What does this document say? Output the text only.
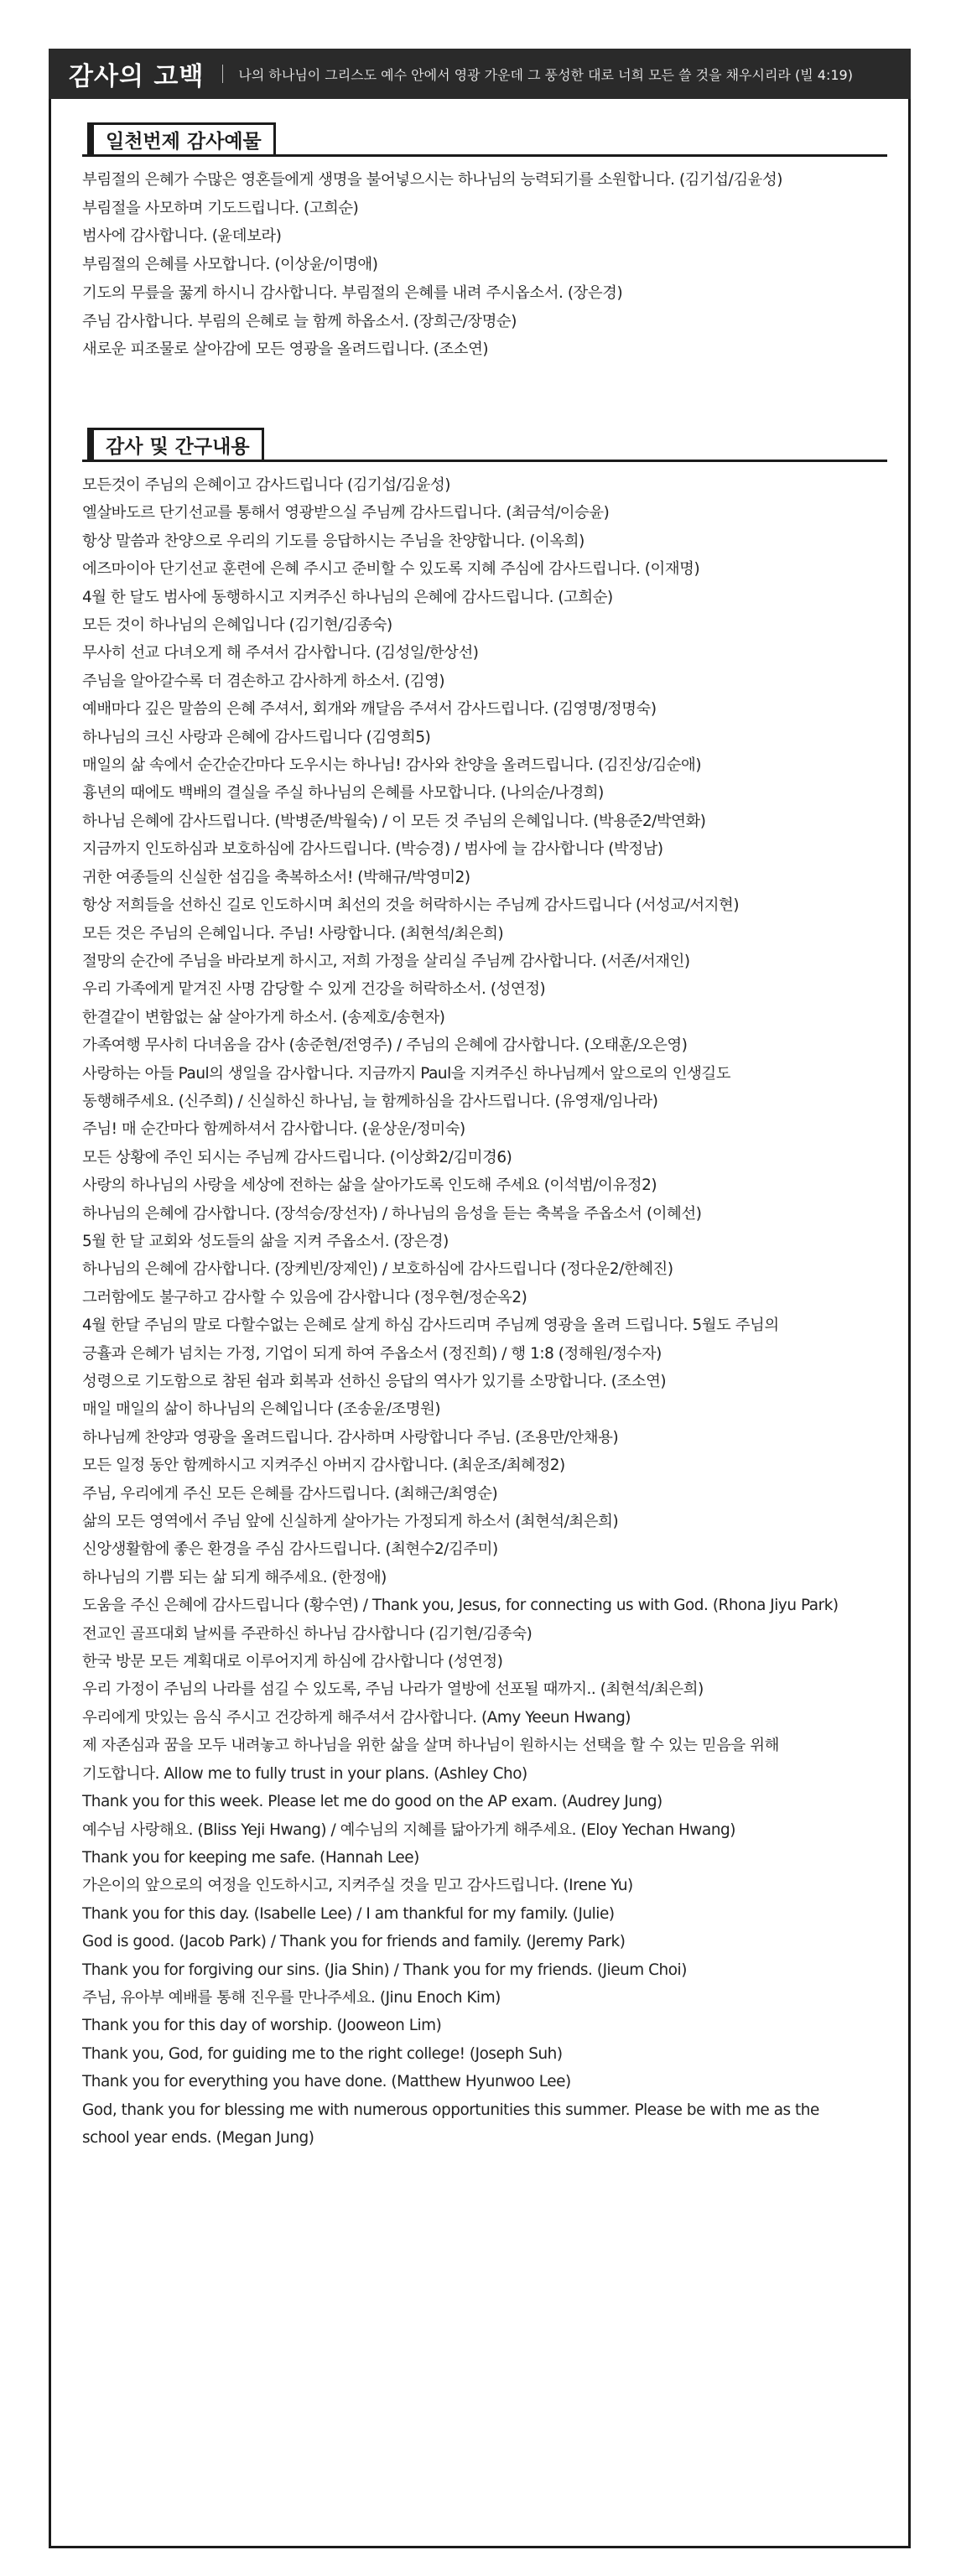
감사의 고백	나의 하나님이 그리스도 예수 안에서 영광 가운데 그 풍성한 대로 너희 모든 쓸 것을 채우시리라 (빌 4:19)
일천번제 감사예물
부림절의 은혜가 수많은 영혼들에게 생명을 불어넣으시는 하나님의 능력되기를 소원합니다. (김기섭/김윤성)
부림절을 사모하며 기도드립니다. (고희순)
범사에 감사합니다. (윤데보라)
부림절의 은혜를 사모합니다. (이상윤/이명애)
기도의 무릎을 꿇게 하시니 감사합니다. 부림절의 은혜를 내려 주시옵소서. (장은경)
주님 감사합니다. 부림의 은혜로 늘 함께 하옵소서. (장희근/장명순)
새로운 피조물로 살아감에 모든 영광을 올려드립니다. (조소연)
감사 및 간구내용
모든것이 주님의 은혜이고 감사드립니다 (김기섭/김윤성)
엘살바도르 단기선교를 통해서 영광받으실 주님께 감사드립니다. (최금석/이승윤)
항상 말씀과 찬양으로 우리의 기도를 응답하시는 주님을 찬양합니다. (이옥희)
에즈마이아 단기선교 훈련에 은혜 주시고 준비할 수 있도록 지혜 주심에 감사드립니다. (이재명)
4월 한 달도 범사에 동행하시고 지켜주신 하나님의 은혜에 감사드립니다. (고희순)
모든 것이 하나님의 은혜입니다 (김기현/김종숙)
무사히 선교 다녀오게 해 주셔서 감사합니다. (김성일/한상선)
주님을 알아갈수록 더 겸손하고 감사하게 하소서. (김영)
예배마다 깊은 말씀의 은혜 주셔서, 회개와 깨달음 주셔서 감사드립니다. (김영명/정명숙)
하나님의 크신 사랑과 은혜에 감사드립니다 (김영희5)
매일의 삶 속에서 순간순간마다 도우시는 하나님! 감사와 찬양을 올려드립니다. (김진상/김순애)
흉년의 때에도 백배의 결실을 주실 하나님의 은혜를 사모합니다. (나의순/나경희)
하나님 은혜에 감사드립니다. (박병준/박월숙) / 이 모든 것 주님의 은혜입니다. (박용준2/박연화)
지금까지 인도하심과 보호하심에 감사드립니다. (박승경) / 범사에 늘 감사합니다 (박정남)
귀한 여종들의 신실한 섬김을 축복하소서! (박해규/박영미2)
항상 저희들을 선하신 길로 인도하시며 최선의 것을 허락하시는 주님께 감사드립니다 (서성교/서지현)
모든 것은 주님의 은혜입니다. 주님! 사랑합니다. (최현석/최은희)
절망의 순간에 주님을 바라보게 하시고, 저희 가정을 살리실 주님께 감사합니다. (서존/서재인)
우리 가족에게 맡겨진 사명 감당할 수 있게 건강을 허락하소서. (성연정)
한결같이 변함없는 삶 살아가게 하소서. (송제호/송현자)
가족여행 무사히 다녀옴을 감사 (송준현/전영주) / 주님의 은혜에 감사합니다. (오태훈/오은영)
사랑하는 아들 Paul의 생일을 감사합니다. 지금까지 Paul을 지켜주신 하나님께서 앞으로의 인생길도
동행해주세요. (신주희) / 신실하신 하나님, 늘 함께하심을 감사드립니다. (유영재/임나라)
주님! 매 순간마다 함께하셔서 감사합니다. (윤상운/정미숙)
모든 상황에 주인 되시는 주님께 감사드립니다. (이상화2/김미경6)
사랑의 하나님의 사랑을 세상에 전하는 삶을 살아가도록 인도해 주세요 (이석범/이유정2)
하나님의 은혜에 감사합니다. (장석승/장선자) / 하나님의 음성을 듣는 축복을 주옵소서 (이혜선)
5월 한 달 교회와 성도들의 삶을 지켜 주옵소서. (장은경)
하나님의 은혜에 감사합니다. (장케빈/장제인) / 보호하심에 감사드립니다 (정다운2/한혜진)
그러함에도 불구하고 감사할 수 있음에 감사합니다 (정우현/정순옥2)
4월 한달 주님의 말로 다할수없는 은혜로 살게 하심 감사드리며 주님께 영광을 올려 드립니다. 5월도 주님의
긍휼과 은혜가 넘치는 가정, 기업이 되게 하여 주옵소서 (정진희) / 행 1:8 (정해원/정수자)
성령으로 기도함으로 참된 쉼과 회복과 선하신 응답의 역사가 있기를 소망합니다. (조소연)
매일 매일의 삶이 하나님의 은혜입니다 (조송윤/조명원)
하나님께 찬양과 영광을 올려드립니다. 감사하며 사랑합니다 주님. (조용만/안채용)
모든 일정 동안 함께하시고 지켜주신 아버지 감사합니다. (최운조/최혜정2)
주님, 우리에게 주신 모든 은혜를 감사드립니다. (최해근/최영순)
삶의 모든 영역에서 주님 앞에 신실하게 살아가는 가정되게 하소서 (최현석/최은희)
신앙생활함에 좋은 환경을 주심 감사드립니다. (최현수2/김주미)
하나님의 기쁨 되는 삶 되게 해주세요. (한정애)
도움을 주신 은혜에 감사드립니다 (황수연) / Thank you, Jesus, for connecting us with God. (Rhona Jiyu Park)
전교인 골프대회 날씨를 주관하신 하나님 감사합니다 (김기현/김종숙)
한국 방문 모든 계획대로 이루어지게 하심에 감사합니다 (성연정)
우리 가정이 주님의 나라를 섬길 수 있도록, 주님 나라가 열방에 선포될 때까지.. (최현석/최은희)
우리에게 맛있는 음식 주시고 건강하게 해주셔서 감사합니다. (Amy Yeeun Hwang)
제 자존심과 꿈을 모두 내려놓고 하나님을 위한 삶을 살며 하나님이 원하시는 선택을 할 수 있는 믿음을 위해
기도합니다. Allow me to fully trust in your plans. (Ashley Cho)
Thank you for this week. Please let me do good on the AP exam. (Audrey Jung)
예수님 사랑해요. (Bliss Yeji Hwang) / 예수님의 지혜를 닮아가게 해주세요. (Eloy Yechan Hwang)
Thank you for keeping me safe. (Hannah Lee)
가은이의 앞으로의 여정을 인도하시고, 지켜주실 것을 믿고 감사드립니다. (Irene Yu)
Thank you for this day. (Isabelle Lee) / I am thankful for my family. (Julie)
God is good. (Jacob Park) / Thank you for friends and family. (Jeremy Park)
Thank you for forgiving our sins. (Jia Shin) / Thank you for my friends. (Jieum Choi)
주님, 유아부 예배를 통해 진우를 만나주세요. (Jinu Enoch Kim)
Thank you for this day of worship. (Jooweon Lim)
Thank you, God, for guiding me to the right college! (Joseph Suh)
Thank you for everything you have done. (Matthew Hyunwoo Lee)
God, thank you for blessing me with numerous opportunities this summer. Please be with me as the
school year ends. (Megan Jung)
